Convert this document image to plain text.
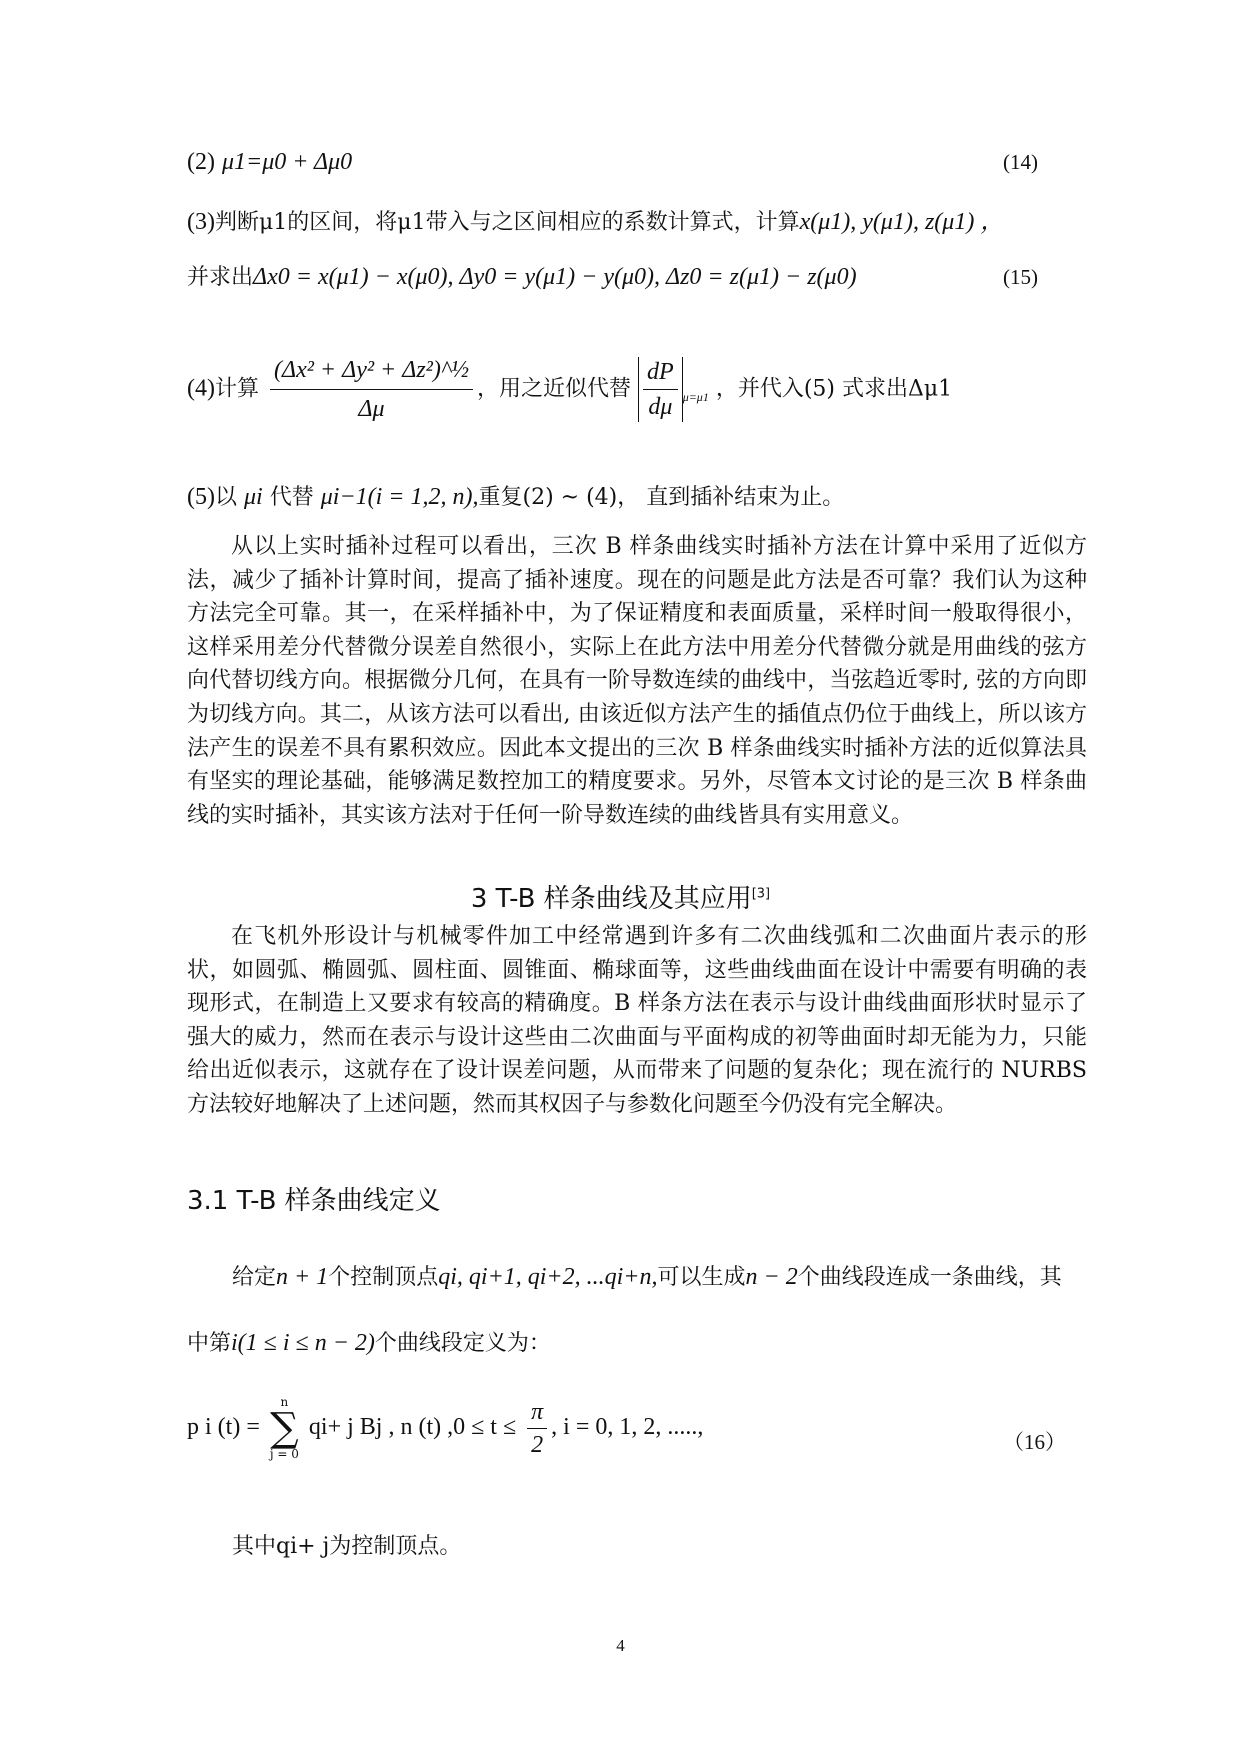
(2) μ1=μ0 + Δμ0	(14)
(3)判断μ1的区间，将μ1带入与之区间相应的系数计算式，计算x(μ1), y(μ1), z(μ1) ，
并求出Δx0 = x(μ1) − x(μ0), Δy0 = y(μ1) − y(μ0), Δz0 = z(μ1) − z(μ0)	(15)
(4)计算 $\frac{\text{(Δx² + Δy² + Δz²)\textasciicircum{}½}}{\Delta\mu}$ ，用之近似代替 $\frac{dP}{d\mu} _{\mu=\mu 1}$ ，并代入(5) 式求出Δμ1
(5)以 μi 代替 μi−1(i = 1,2, n),重复(2) ~ (4)， 直到插补结束为止。

从以上实时插补过程可以看出，三次 B 样条曲线实时插补方法在计算中采用了近似方法，减少了插补计算时间，提高了插补速度。现在的问题是此方法是否可靠？我们认为这种方法完全可靠。其一，在采样插补中，为了保证精度和表面质量，采样时间一般取得很小，这样采用差分代替微分误差自然很小，实际上在此方法中用差分代替微分就是用曲线的弦方向代替切线方向。根据微分几何，在具有一阶导数连续的曲线中，当弦趋近零时, 弦的方向即为切线方向。其二，从该方法可以看出, 由该近似方法产生的插值点仍位于曲线上，所以该方法产生的误差不具有累积效应。因此本文提出的三次 B 样条曲线实时插补方法的近似算法具有坚实的理论基础，能够满足数控加工的精度要求。另外，尽管本文讨论的是三次 B 样条曲线的实时插补，其实该方法对于任何一阶导数连续的曲线皆具有实用意义。

3 T-B 样条曲线及其应用[3]

在飞机外形设计与机械零件加工中经常遇到许多有二次曲线弧和二次曲面片表示的形状，如圆弧、椭圆弧、圆柱面、圆锥面、椭球面等，这些曲线曲面在设计中需要有明确的表现形式，在制造上又要求有较高的精确度。B 样条方法在表示与设计曲线曲面形状时显示了强大的威力，然而在表示与设计这些由二次曲面与平面构成的初等曲面时却无能为力，只能给出近似表示，这就存在了设计误差问题，从而带来了问题的复杂化；现在流行的 NURBS 方法较好地解决了上述问题，然而其权因子与参数化问题至今仍没有完全解决。

3.1 T-B 样条曲线定义
给定n + 1个控制顶点qi, qi+1, qi+2, ...qi+n,可以生成n − 2个曲线段连成一条曲线，其
中第i(1 ≤ i ≤ n − 2)个曲线段定义为：
p i (t) = n
∑
j = 0 qi+ j Bj , n (t) $,0 \le t \le \frac{\pi}{2}$ , i = 0, 1, 2, .....,
（16）
其中qi+ j为控制顶点。
4
